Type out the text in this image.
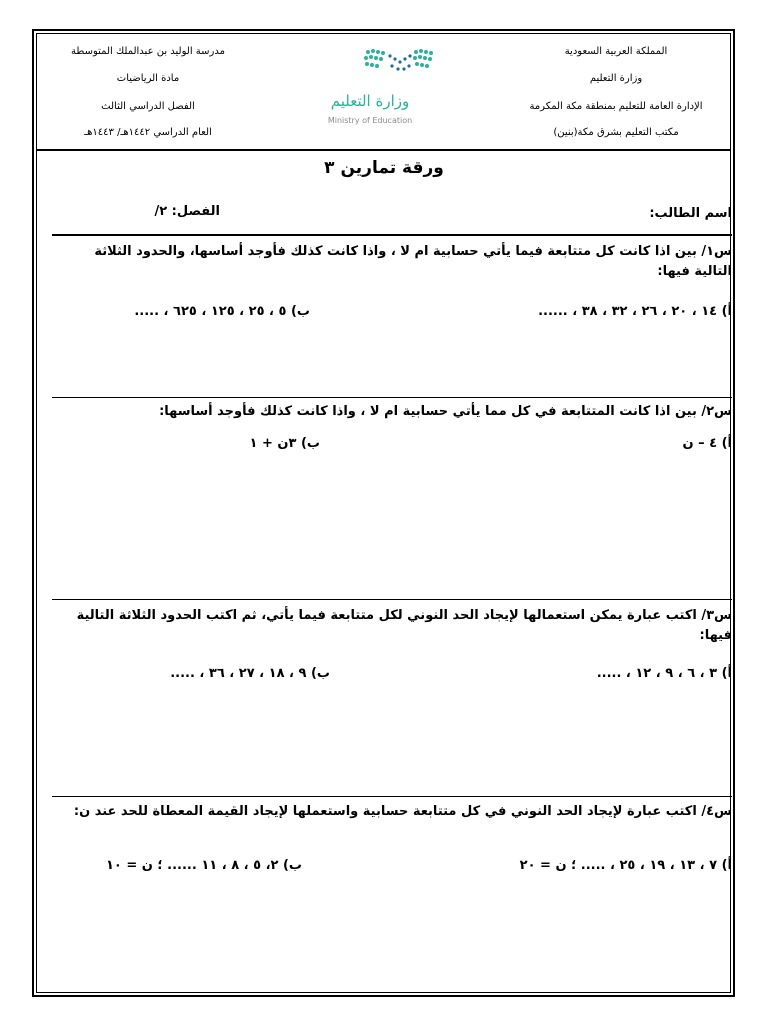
المملكة العربية السعودية
وزارة التعليم
الإدارة العامة للتعليم بمنطقة مكة المكرمة
مكتب التعليم بشرق مكة(بنين)
مدرسة الوليد بن عبدالملك المتوسطة
مادة الرياضيات
الفصل الدراسي الثالث
العام الدراسي ١٤٤٢هـ/ ١٤٤٣هـ
وزارة التعليم
Ministry of Education
ورقة تمارين ٣
اسم الطالب:
الفصل: ٢/
س١/ بين اذا كانت كل متتابعة فيما يأتي حسابية ام لا ، واذا كانت كذلك فأوجد أساسها، والحدود الثلاثة التالية فيها:
أ) ١٤ ، ٢٠ ، ٢٦ ، ٣٢ ، ٣٨ ، ......
ب) ٥ ، ٢٥ ، ١٢٥ ، ٦٢٥ ، .....
س٢/ بين اذا كانت المتتابعة في كل مما يأتي حسابية ام لا ، واذا كانت كذلك فأوجد أساسها:
أ) ٤ – ن
ب) ٣ن + ١
س٣/ اكتب عبارة يمكن استعمالها لإيجاد الحد النوني لكل متتابعة فيما يأتي، ثم اكتب الحدود الثلاثة التالية فيها:
أ) ٣ ، ٦ ، ٩ ، ١٢ ، .....
ب) ٩ ، ١٨ ، ٢٧ ، ٣٦ ، .....
س٤/ اكتب عبارة لإيجاد الحد النوني في كل متتابعة حسابية واستعملها لإيجاد القيمة المعطاة للحد عند ن:
أ) ٧ ، ١٣ ، ١٩ ، ٢٥ ، ..... ؛ ن = ٢٠
ب) ٢، ٥ ، ٨ ، ١١ ...... ؛ ن = ١٠
